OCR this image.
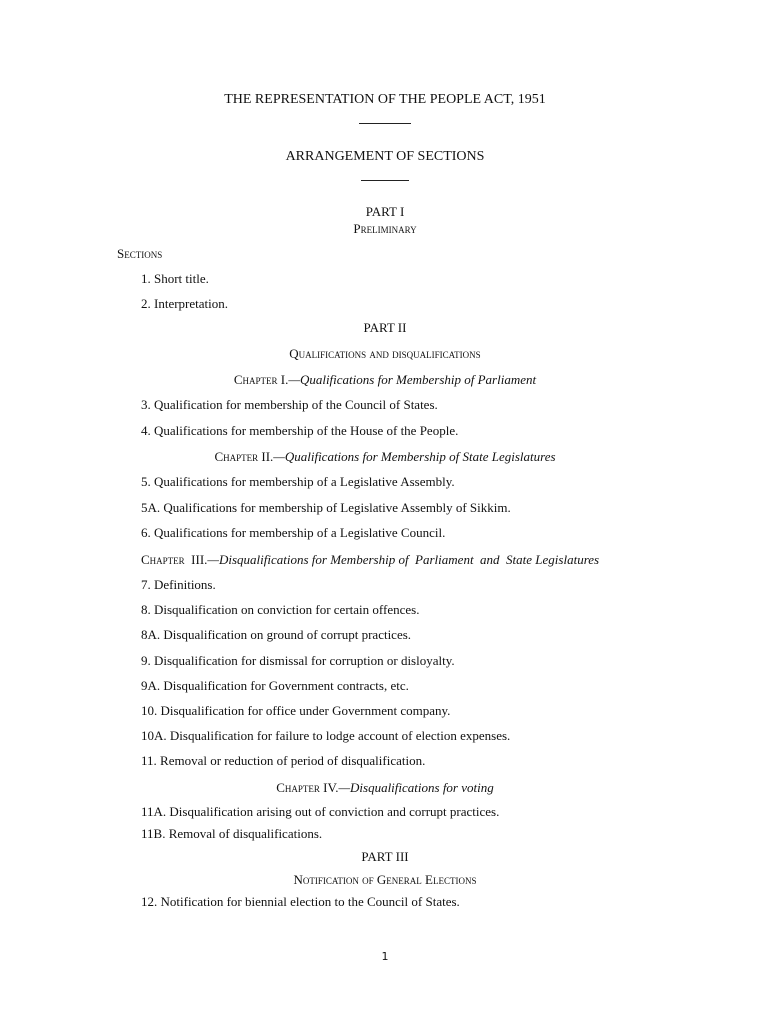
THE REPRESENTATION OF THE PEOPLE ACT, 1951
ARRANGEMENT OF SECTIONS
PART I
Preliminary
Sections
1. Short title.
2. Interpretation.
PART II
Qualifications and disqualifications
Chapter I.—Qualifications for Membership of Parliament
3. Qualification for membership of the Council of States.
4. Qualifications for membership of the House of the People.
Chapter II.—Qualifications for Membership of State Legislatures
5. Qualifications for membership of a Legislative Assembly.
5A. Qualifications for membership of Legislative Assembly of Sikkim.
6. Qualifications for membership of a Legislative Council.
Chapter  III.—Disqualifications for Membership of  Parliament  and  State Legislatures
7. Definitions.
8. Disqualification on conviction for certain offences.
8A. Disqualification on ground of corrupt practices.
9. Disqualification for dismissal for corruption or disloyalty.
9A. Disqualification for Government contracts, etc.
10. Disqualification for office under Government company.
10A. Disqualification for failure to lodge account of election expenses.
11. Removal or reduction of period of disqualification.
Chapter IV.—Disqualifications for voting
11A. Disqualification arising out of conviction and corrupt practices.
11B. Removal of disqualifications.
PART III
Notification of General Elections
12. Notification for biennial election to the Council of States.
1
